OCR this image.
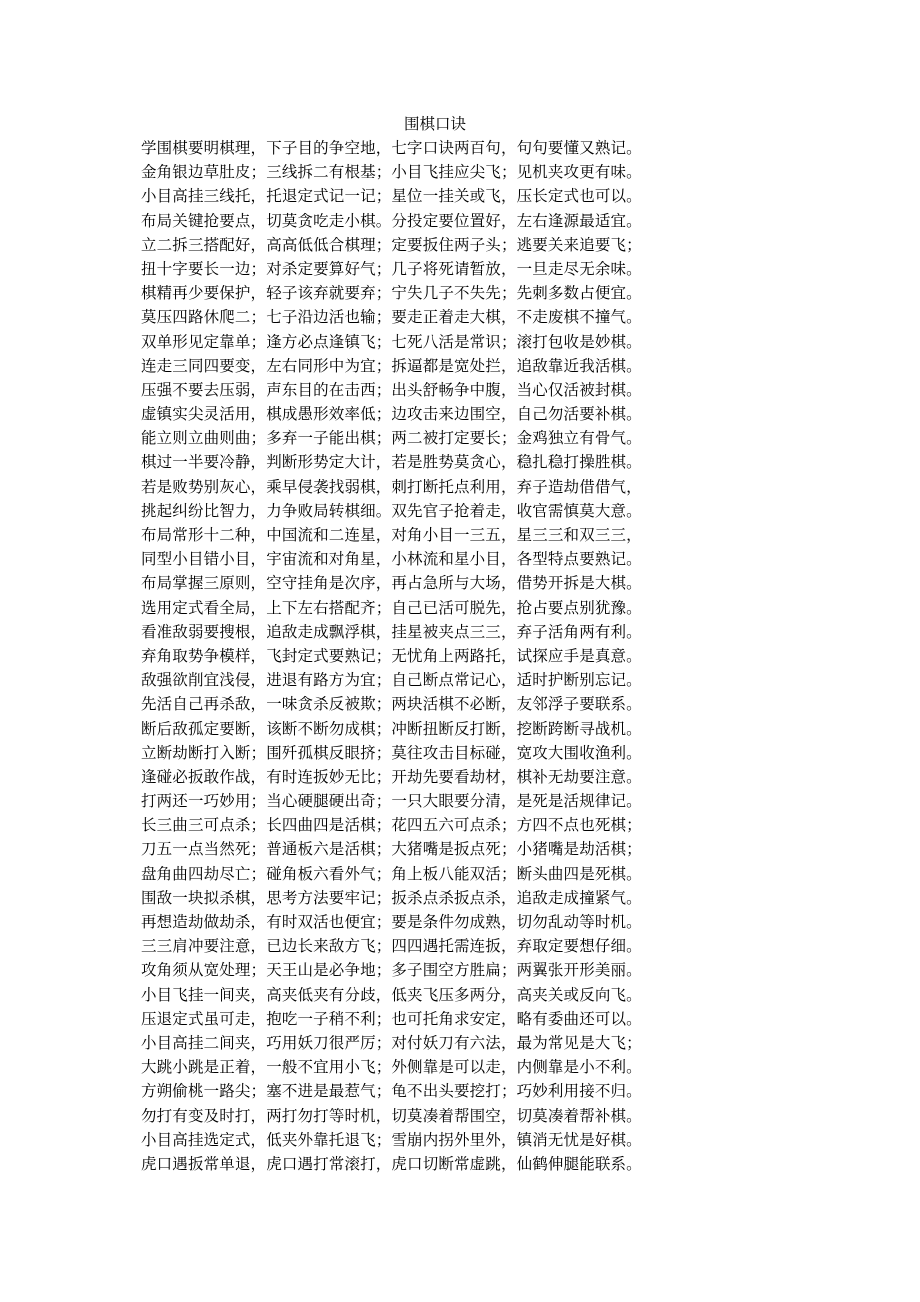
围棋口诀
学围棋要明棋理，下子目的争空地，七字口诀两百句，句句要懂又熟记。
金角银边草肚皮；三线拆二有根基；小目飞挂应尖飞；见机夹攻更有味。
小目高挂三线托，托退定式记一记；星位一挂关或飞，压长定式也可以。
布局关键抢要点，切莫贪吃走小棋。分投定要位置好，左右逢源最适宜。
立二拆三搭配好，高高低低合棋理；定要扳住两子头；逃要关来追要飞；
扭十字要长一边；对杀定要算好气；几子将死请暂放，一旦走尽无余味。
棋精再少要保护，轻子该弃就要弃；宁失几子不失先；先刺多数占便宜。
莫压四路休爬二；七子沿边活也输；要走正着走大棋，不走废棋不撞气。
双单形见定靠单；逢方必点逢镇飞；七死八活是常识；滚打包收是妙棋。
连走三同四要变，左右同形中为宜；拆逼都是宽处拦，追敌靠近我活棋。
压强不要去压弱，声东目的在击西；出头舒畅争中腹，当心仅活被封棋。
虚镇实尖灵活用，棋成愚形效率低；边攻击来边围空，自己勿活要补棋。
能立则立曲则曲；多弃一子能出棋；两二被打定要长；金鸡独立有骨气。
棋过一半要冷静，判断形势定大计，若是胜势莫贪心，稳扎稳打操胜棋。
若是败势别灰心，乘早侵袭找弱棋，刺打断托点利用，弃子造劫借借气，
挑起纠纷比智力，力争败局转棋细。双先官子抢着走，收官需慎莫大意。
布局常形十二种，中国流和二连星，对角小目一三五，星三三和双三三，
同型小目错小目，宇宙流和对角星，小林流和星小目，各型特点要熟记。
布局掌握三原则，空守挂角是次序，再占急所与大场，借势开拆是大棋。
选用定式看全局，上下左右搭配齐；自己已活可脱先，抢占要点别犹豫。
看准敌弱要搜根，追敌走成飘浮棋，挂星被夹点三三，弃子活角两有利。
弃角取势争模样，飞封定式要熟记；无忧角上两路托，试探应手是真意。
敌强欲削宜浅侵，进退有路方为宜；自己断点常记心，适时护断别忘记。
先活自己再杀敌，一味贪杀反被欺；两块活棋不必断，友邻浮子要联系。
断后敌孤定要断，该断不断勿成棋；冲断扭断反打断，挖断跨断寻战机。
立断劫断打入断；围歼孤棋反眼挤；莫往攻击目标碰，宽攻大围收渔利。
逢碰必扳敢作战，有时连扳妙无比；开劫先要看劫材，棋补无劫要注意。
打两还一巧妙用；当心硬腿硬出奇；一只大眼要分清，是死是活规律记。
长三曲三可点杀；长四曲四是活棋；花四五六可点杀；方四不点也死棋；
刀五一点当然死；普通板六是活棋；大猪嘴是扳点死；小猪嘴是劫活棋；
盘角曲四劫尽亡；碰角板六看外气；角上板八能双活；断头曲四是死棋。
围敌一块拟杀棋，思考方法要牢记；扳杀点杀扳点杀，追敌走成撞紧气。
再想造劫做劫杀，有时双活也便宜；要是条件勿成熟，切勿乱动等时机。
三三肩冲要注意，已边长来敌方飞；四四遇托需连扳，弃取定要想仔细。
攻角须从宽处理；天王山是必争地；多子围空方胜扁；两翼张开形美丽。
小目飞挂一间夹，高夹低夹有分歧，低夹飞压多两分，高夹关或反向飞。
压退定式虽可走，抱吃一子稍不利；也可托角求安定，略有委曲还可以。
小目高挂二间夹，巧用妖刀很严厉；对付妖刀有六法，最为常见是大飞；
大跳小跳是正着，一般不宜用小飞；外侧靠是可以走，内侧靠是小不利。
方朔偷桃一路尖；塞不进是最惹气；龟不出头要挖打；巧妙利用接不归。
勿打有变及时打，两打勿打等时机，切莫凑着帮围空，切莫凑着帮补棋。
小目高挂选定式，低夹外靠托退飞；雪崩内拐外里外，镇消无忧是好棋。
虎口遇扳常单退，虎口遇打常滚打，虎口切断常虚跳，仙鹤伸腿能联系。
